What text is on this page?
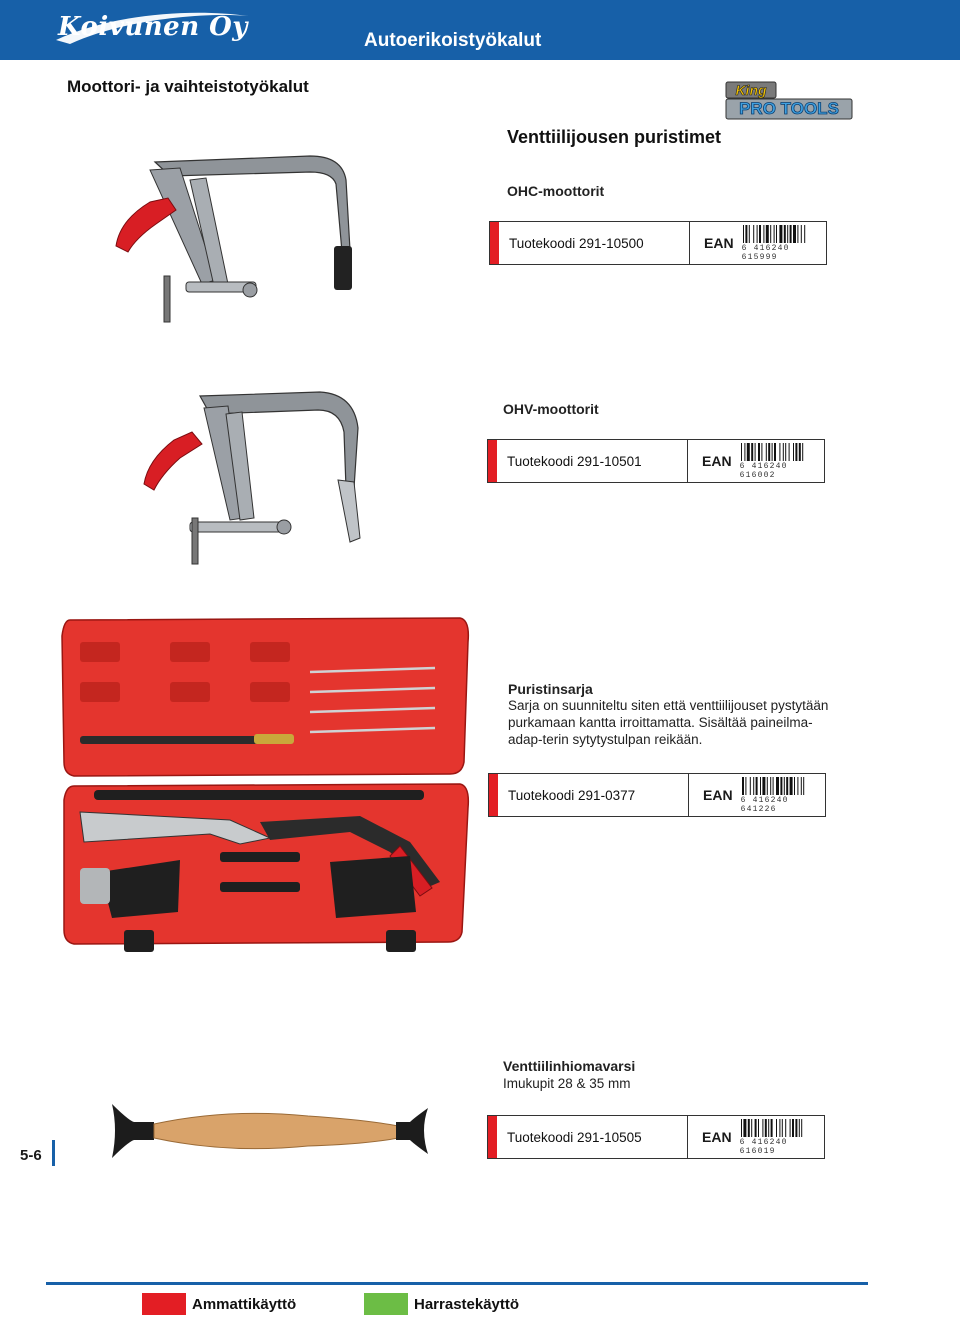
Koivunen Oy	Autoerikoistyökalut
Moottori- ja vaihteistotyökalut	King
PRO TOOLS
Venttiilijousen puristimet
OHC-moottorit
Tuotekoodi 291-10500	EAN 6 416240 615999
OHV-moottorit
Tuotekoodi 291-10501	EAN 6 416240 616002
Puristinsarja
Sarja on suunniteltu siten että venttiilijouset pystytään purkamaan kantta irroittamatta. Sisältää paineilma-adap-terin sytytystulpan reikään.
Tuotekoodi 291-0377	EAN 6 416240 641226
Venttiilinhiomavarsi
Imukupit 28 & 35 mm
Tuotekoodi 291-10505	EAN 6 416240 616019
5-6
Ammattikäyttö	Harrastekäyttö
